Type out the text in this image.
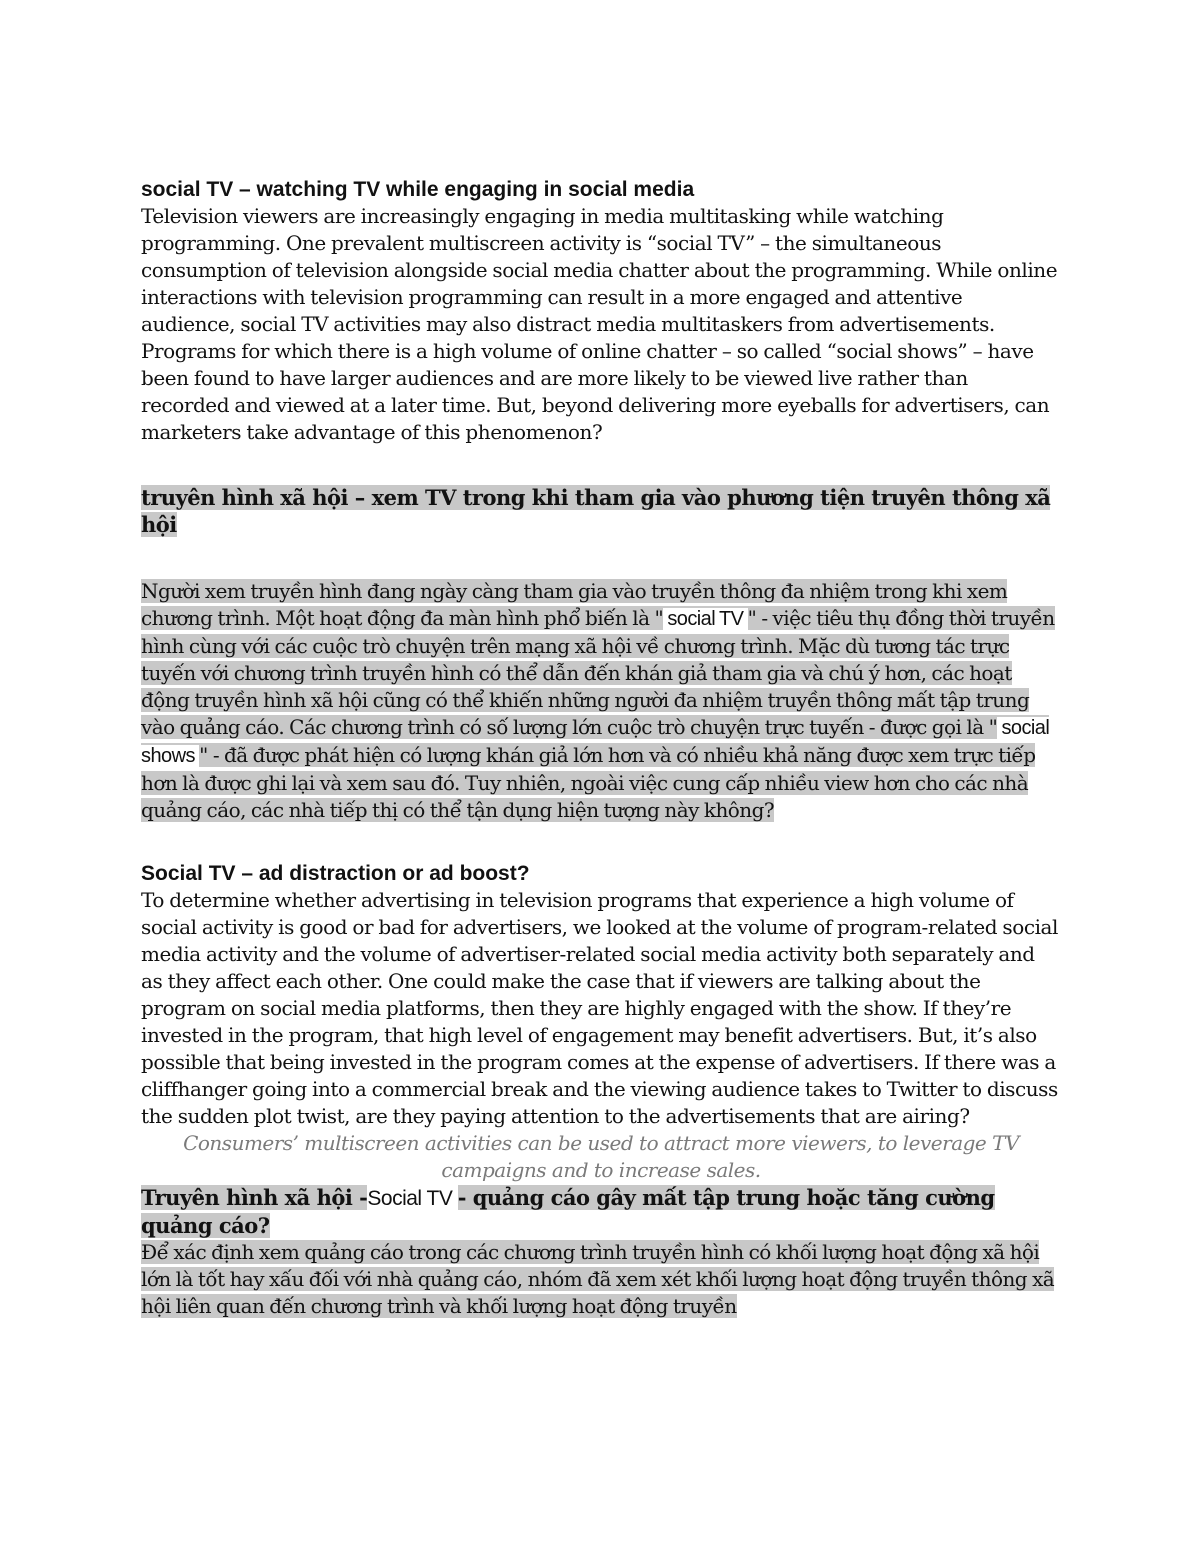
social TV – watching TV while engaging in social media

Television viewers are increasingly engaging in media multitasking while watching programming. One prevalent multiscreen activity is “social TV” – the simultaneous consumption of television alongside social media chatter about the programming. While online interactions with television programming can result in a more engaged and attentive audience, social TV activities may also distract media multitaskers from advertisements. Programs for which there is a high volume of online chatter – so called “social shows” – have been found to have larger audiences and are more likely to be viewed live rather than recorded and viewed at a later time. But, beyond delivering more eyeballs for advertisers, can marketers take advantage of this phenomenon?

truyên hình xã hội – xem TV trong khi tham gia vào phương tiện truyên thông xã hội

Người xem truyền hình đang ngày càng tham gia vào truyền thông đa nhiệm trong khi xem chương trình. Một hoạt động đa màn hình phổ biến là " social TV " - việc tiêu thụ đồng thời truyền hình cùng với các cuộc trò chuyện trên mạng xã hội về chương trình. Mặc dù tương tác trực tuyến với chương trình truyền hình có thể dẫn đến khán giả tham gia và chú ý hơn, các hoạt động truyền hình xã hội cũng có thể khiến những người đa nhiệm truyền thông mất tập trung vào quảng cáo. Các chương trình có số lượng lớn cuộc trò chuyện trực tuyến - được gọi là " social shows " - đã được phát hiện có lượng khán giả lớn hơn và có nhiều khả năng được xem trực tiếp hơn là được ghi lại và xem sau đó. Tuy nhiên, ngoài việc cung cấp nhiều view hơn cho các nhà quảng cáo, các nhà tiếp thị có thể tận dụng hiện tượng này không?

Social TV – ad distraction or ad boost?

To determine whether advertising in television programs that experience a high volume of social activity is good or bad for advertisers, we looked at the volume of program-related social media activity and the volume of advertiser-related social media activity both separately and as they affect each other. One could make the case that if viewers are talking about the program on social media platforms, then they are highly engaged with the show. If they’re invested in the program, that high level of engagement may benefit advertisers. But, it’s also possible that being invested in the program comes at the expense of advertisers. If there was a cliffhanger going into a commercial break and the viewing audience takes to Twitter to discuss the sudden plot twist, are they paying attention to the advertisements that are airing?

Consumers’ multiscreen activities can be used to attract more viewers, to leverage TV campaigns and to increase sales.

Truyên hình xã hội -Social TV - quảng cáo gây mất tập trung hoặc tăng cường quảng cáo?

Để xác định xem quảng cáo trong các chương trình truyền hình có khối lượng hoạt động xã hội lớn là tốt hay xấu đối với nhà quảng cáo, nhóm đã xem xét khối lượng hoạt động truyền thông xã hội liên quan đến chương trình và khối lượng hoạt động truyền
